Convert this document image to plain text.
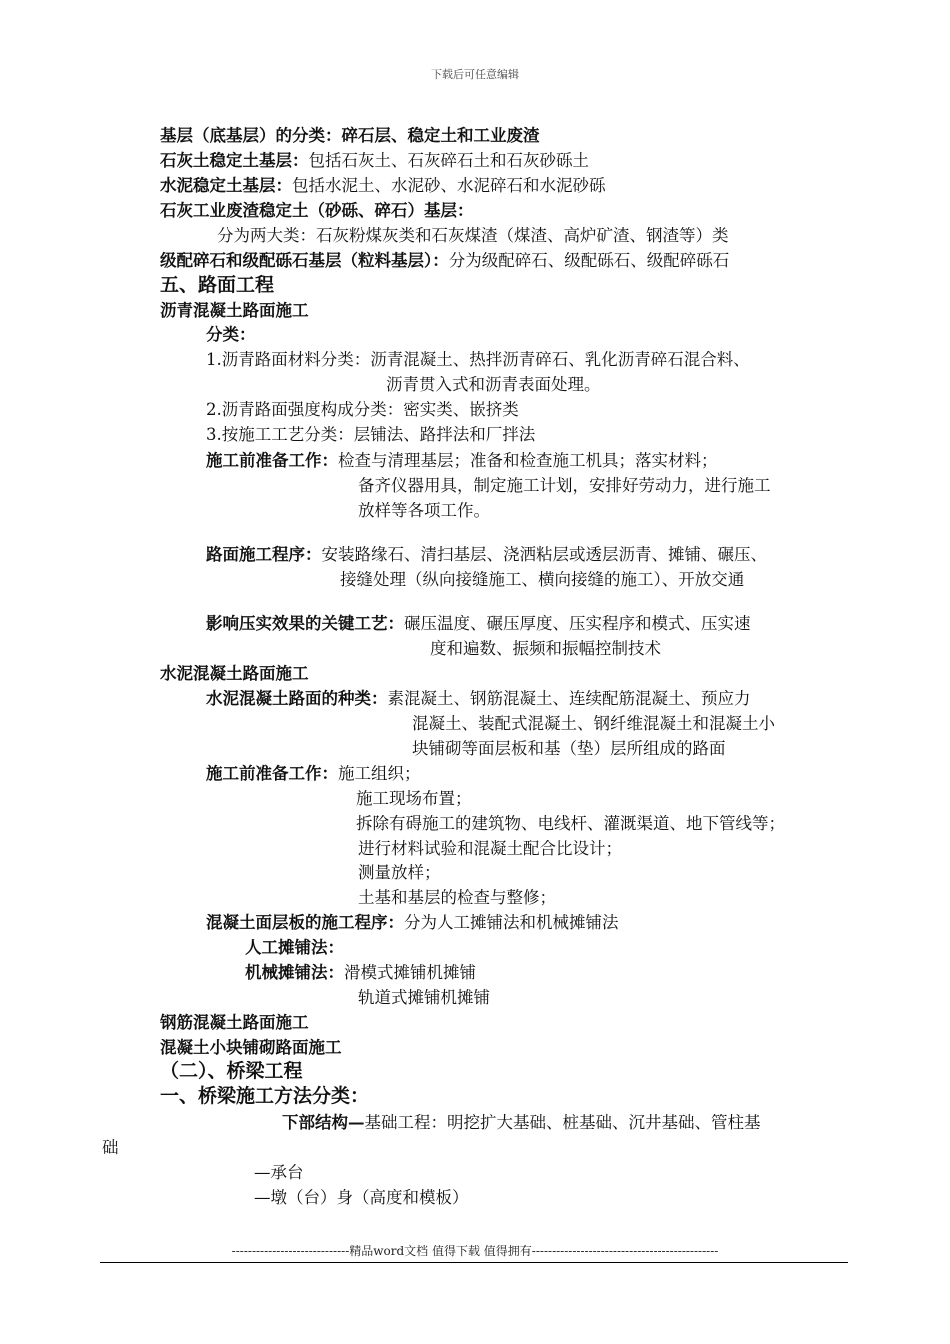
下载后可任意编辑
基层（底基层）的分类：碎石层、稳定土和工业废渣
石灰土稳定土基层：包括石灰土、石灰碎石土和石灰砂砾土
水泥稳定土基层：包括水泥土、水泥砂、水泥碎石和水泥砂砾
石灰工业废渣稳定土（砂砾、碎石）基层：
分为两大类：石灰粉煤灰类和石灰煤渣（煤渣、高炉矿渣、钢渣等）类
级配碎石和级配砾石基层（粒料基层）：分为级配碎石、级配砾石、级配碎砾石
五、路面工程
沥青混凝土路面施工
分类：
1.沥青路面材料分类：沥青混凝土、热拌沥青碎石、乳化沥青碎石混合料、
沥青贯入式和沥青表面处理。
2.沥青路面强度构成分类：密实类、嵌挤类
3.按施工工艺分类：层铺法、路拌法和厂拌法
施工前准备工作：检查与清理基层；准备和检查施工机具；落实材料；
备齐仪器用具，制定施工计划，安排好劳动力，进行施工
放样等各项工作。
路面施工程序：安装路缘石、清扫基层、浇洒粘层或透层沥青、摊铺、碾压、
接缝处理（纵向接缝施工、横向接缝的施工）、开放交通
影响压实效果的关键工艺：碾压温度、碾压厚度、压实程序和模式、压实速
度和遍数、振频和振幅控制技术
水泥混凝土路面施工
水泥混凝土路面的种类：素混凝土、钢筋混凝土、连续配筋混凝土、预应力
混凝土、装配式混凝土、钢纤维混凝土和混凝土小
块铺砌等面层板和基（垫）层所组成的路面
施工前准备工作：施工组织；
施工现场布置；
拆除有碍施工的建筑物、电线杆、灌溉渠道、地下管线等；
进行材料试验和混凝土配合比设计；
测量放样；
土基和基层的检查与整修；
混凝土面层板的施工程序：分为人工摊铺法和机械摊铺法
人工摊铺法：
机械摊铺法：滑模式摊铺机摊铺
轨道式摊铺机摊铺
钢筋混凝土路面施工
混凝土小块铺砌路面施工
（二）、桥梁工程
一、桥梁施工方法分类：
下部结构—基础工程：明挖扩大基础、桩基础、沉井基础、管柱基
础
—承台
—墩（台）身（高度和模板）
-----------------------------精品word文档 值得下载 值得拥有----------------------------------------------
